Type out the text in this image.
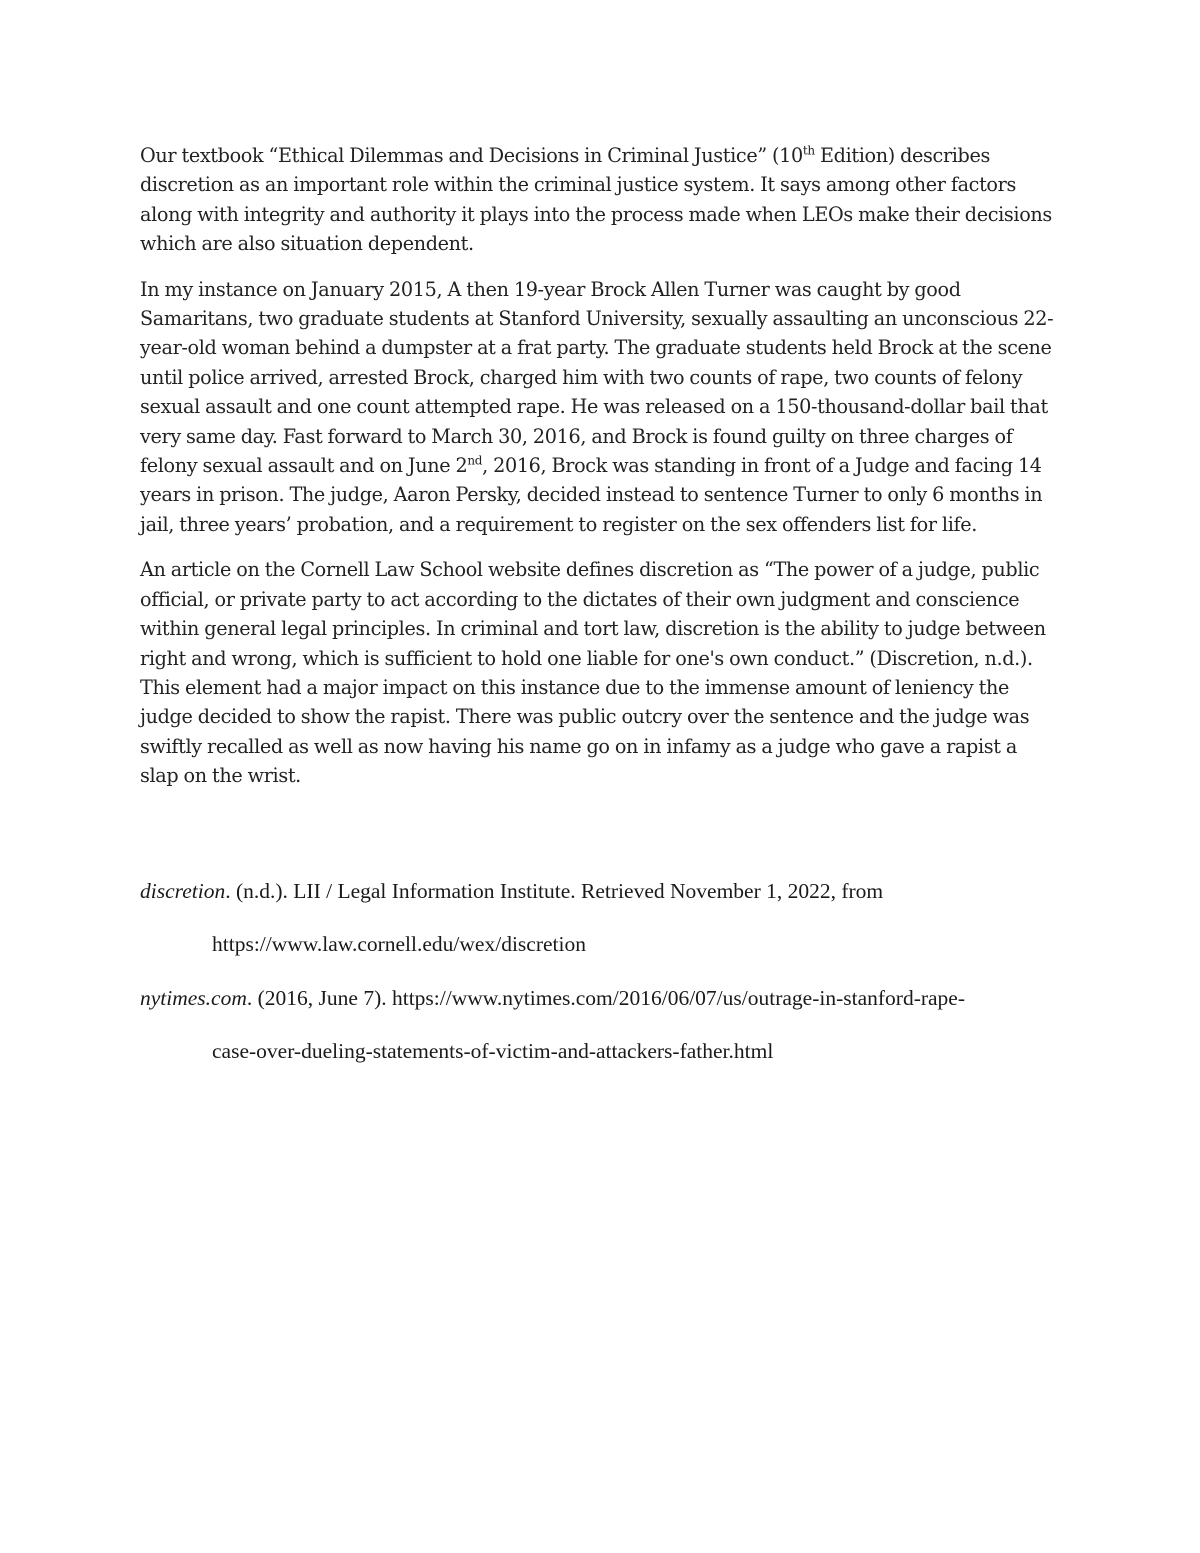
Our textbook “Ethical Dilemmas and Decisions in Criminal Justice” (10th Edition) describes discretion as an important role within the criminal justice system. It says among other factors along with integrity and authority it plays into the process made when LEOs make their decisions which are also situation dependent.

In my instance on January 2015, A then 19-year Brock Allen Turner was caught by good Samaritans, two graduate students at Stanford University, sexually assaulting an unconscious 22-year-old woman behind a dumpster at a frat party. The graduate students held Brock at the scene until police arrived, arrested Brock, charged him with two counts of rape, two counts of felony sexual assault and one count attempted rape. He was released on a 150-thousand-dollar bail that very same day. Fast forward to March 30, 2016, and Brock is found guilty on three charges of felony sexual assault and on June 2nd, 2016, Brock was standing in front of a Judge and facing 14 years in prison. The judge, Aaron Persky, decided instead to sentence Turner to only 6 months in jail, three years’ probation, and a requirement to register on the sex offenders list for life.

An article on the Cornell Law School website defines discretion as “The power of a judge, public official, or private party to act according to the dictates of their own judgment and conscience within general legal principles. In criminal and tort law, discretion is the ability to judge between right and wrong, which is sufficient to hold one liable for one's own conduct.” (Discretion, n.d.). This element had a major impact on this instance due to the immense amount of leniency the judge decided to show the rapist. There was public outcry over the sentence and the judge was swiftly recalled as well as now having his name go on in infamy as a judge who gave a rapist a slap on the wrist.

discretion. (n.d.). LII / Legal Information Institute. Retrieved November 1, 2022, from
https://www.law.cornell.edu/wex/discretion
nytimes.com. (2016, June 7). https://www.nytimes.com/2016/06/07/us/outrage-in-stanford-rape-
case-over-dueling-statements-of-victim-and-attackers-father.html
